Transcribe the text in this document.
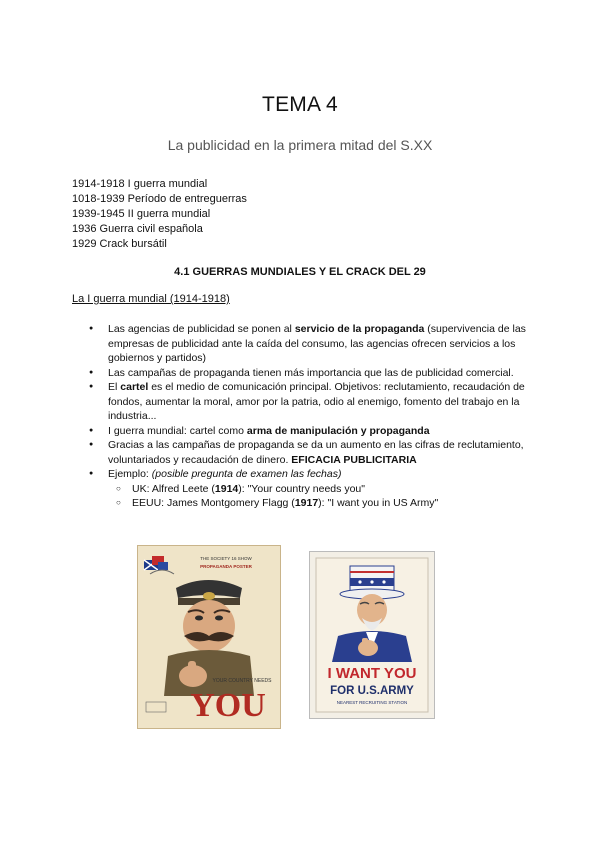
TEMA 4
La publicidad en la primera mitad del S.XX
1914-1918 I guerra mundial
1018-1939 Período de entreguerras
1939-1945 II guerra mundial
1936 Guerra civil española
1929 Crack bursátil
4.1 GUERRAS MUNDIALES Y EL CRACK DEL 29
La I guerra mundial (1914-1918)
● Las agencias de publicidad se ponen al servicio de la propaganda (supervivencia de las empresas de publicidad ante la caída del consumo, las agencias ofrecen servicios a los gobiernos y partidos)
● Las campañas de propaganda tienen más importancia que las de publicidad comercial.
● El cartel es el medio de comunicación principal. Objetivos: reclutamiento, recaudación de fondos, aumentar la moral, amor por la patria, odio al enemigo, fomento del trabajo en la industria...
● I guerra mundial: cartel como arma de manipulación y propaganda
● Gracias a las campañas de propaganda se da un aumento en las cifras de reclutamiento, voluntariados y recaudación de dinero. EFICACIA PUBLICITARIA
● Ejemplo: (posible pregunta de examen las fechas)
○ UK: Alfred Leete (1914): "Your country needs you"
○ EEUU: James Montgomery Flagg (1917): "I want you in US Army"
THE SOCIETY 16 SHOW
PROPAGANDA POSTER
YOUR COUNTRY NEEDS
YOU
I WANT YOU
FOR U.S.ARMY
NEAREST RECRUITING STATION
